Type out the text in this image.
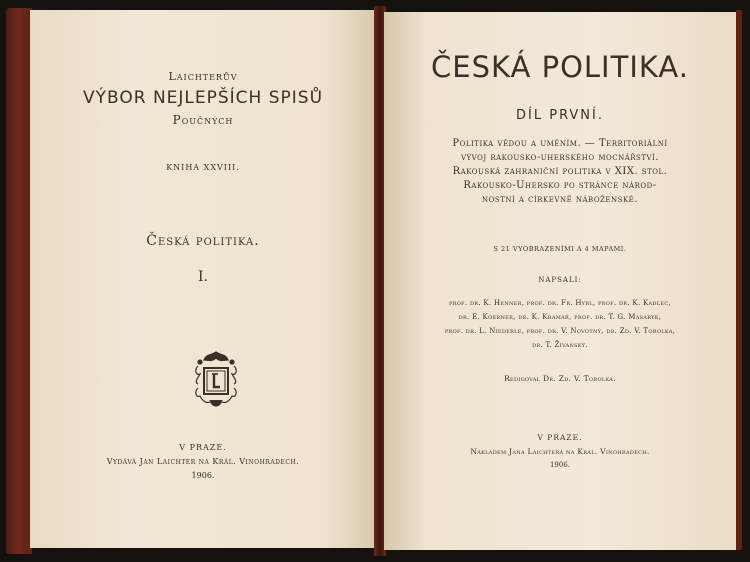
Laichterův
VÝBOR NEJLEPŠÍCH SPISŮ
Poučných
KNIHA XXVIII.
Česká politika.
I.
V PRAZE.
Vydává Jan Laichter na Král. Vinohradech.
1906.
ČESKÁ POLITIKA.
DÍL PRVNÍ.
Politika vědou a uměním. — Territoriální
vývoj rakousko-uherského mocnářství.
Rakouská zahraniční politika v XIX. stol.
Rakousko-Uhersko po stránce národ-
nostní a církevně náboženské.
S 21 VYOBRAZENÍMI A 4 MAPAMI.
NAPSALI:
prof. dr. K. Henner, prof. dr. Fr. Hybl, prof. dr. K. Kadlec,
dr. E. Koerner, dr. K. Kramář, prof. dr. T. G. Masaryk,
prof. dr. L. Niederle, prof. dr. V. Novotný, dr. Zd. V. Tobolka,
dr. T. Živanský.
Redigoval Dr. Zd. V. Tobolka.
V PRAZE.
Nákladem Jana Laichtera na Král. Vinohradech.
1906.
